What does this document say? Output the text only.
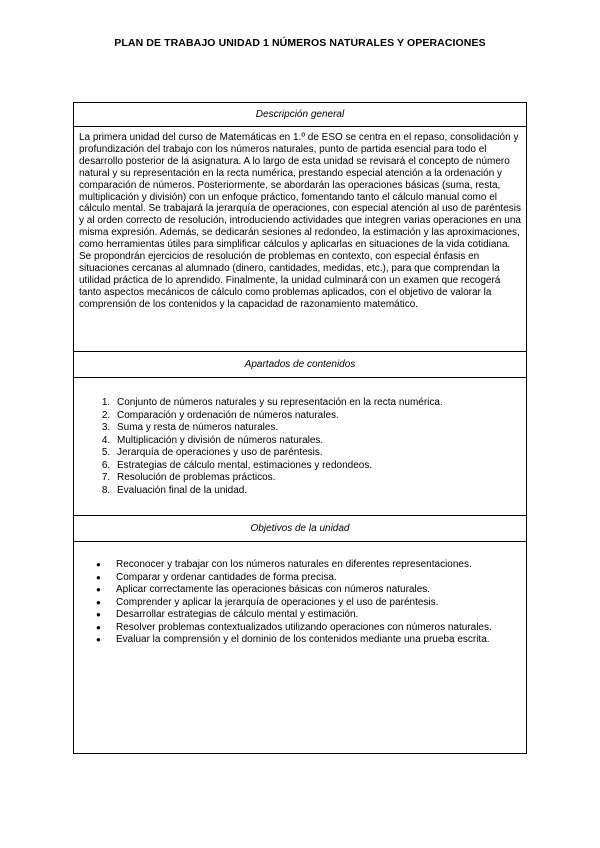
PLAN DE TRABAJO UNIDAD 1 NÚMEROS NATURALES Y OPERACIONES
Descripción general
La primera unidad del curso de Matemáticas en 1.º de ESO se centra en el repaso, consolidación y profundización del trabajo con los números naturales, punto de partida esencial para todo el desarrollo posterior de la asignatura. A lo largo de esta unidad se revisará el concepto de número natural y su representación en la recta numérica, prestando especial atención a la ordenación y comparación de números. Posteriormente, se abordarán las operaciones básicas (suma, resta, multiplicación y división) con un enfoque práctico, fomentando tanto el cálculo manual como el cálculo mental. Se trabajará la jerarquía de operaciones, con especial atención al uso de paréntesis y al orden correcto de resolución, introduciendo actividades que integren varias operaciones en una misma expresión. Además, se dedicarán sesiones al redondeo, la estimación y las aproximaciones, como herramientas útiles para simplificar cálculos y aplicarlas en situaciones de la vida cotidiana. Se propondrán ejercicios de resolución de problemas en contexto, con especial énfasis en situaciones cercanas al alumnado (dinero, cantidades, medidas, etc.), para que comprendan la utilidad práctica de lo aprendido. Finalmente, la unidad culminará con un examen que recogerá tanto aspectos mecánicos de cálculo como problemas aplicados, con el objetivo de valorar la comprensión de los contenidos y la capacidad de razonamiento matemático.
Apartados de contenidos
1. Conjunto de números naturales y su representación en la recta numérica.
2. Comparación y ordenación de números naturales.
3. Suma y resta de números naturales.
4. Multiplicación y división de números naturales.
5. Jerarquía de operaciones y uso de paréntesis.
6. Estrategias de cálculo mental, estimaciones y redondeos.
7. Resolución de problemas prácticos.
8. Evaluación final de la unidad.
Objetivos de la unidad
● Reconocer y trabajar con los números naturales en diferentes representaciones.
● Comparar y ordenar cantidades de forma precisa.
● Aplicar correctamente las operaciones básicas con números naturales.
● Comprender y aplicar la jerarquía de operaciones y el uso de paréntesis.
● Desarrollar estrategias de cálculo mental y estimación.
● Resolver problemas contextualizados utilizando operaciones con números naturales.
● Evaluar la comprensión y el dominio de los contenidos mediante una prueba escrita.
